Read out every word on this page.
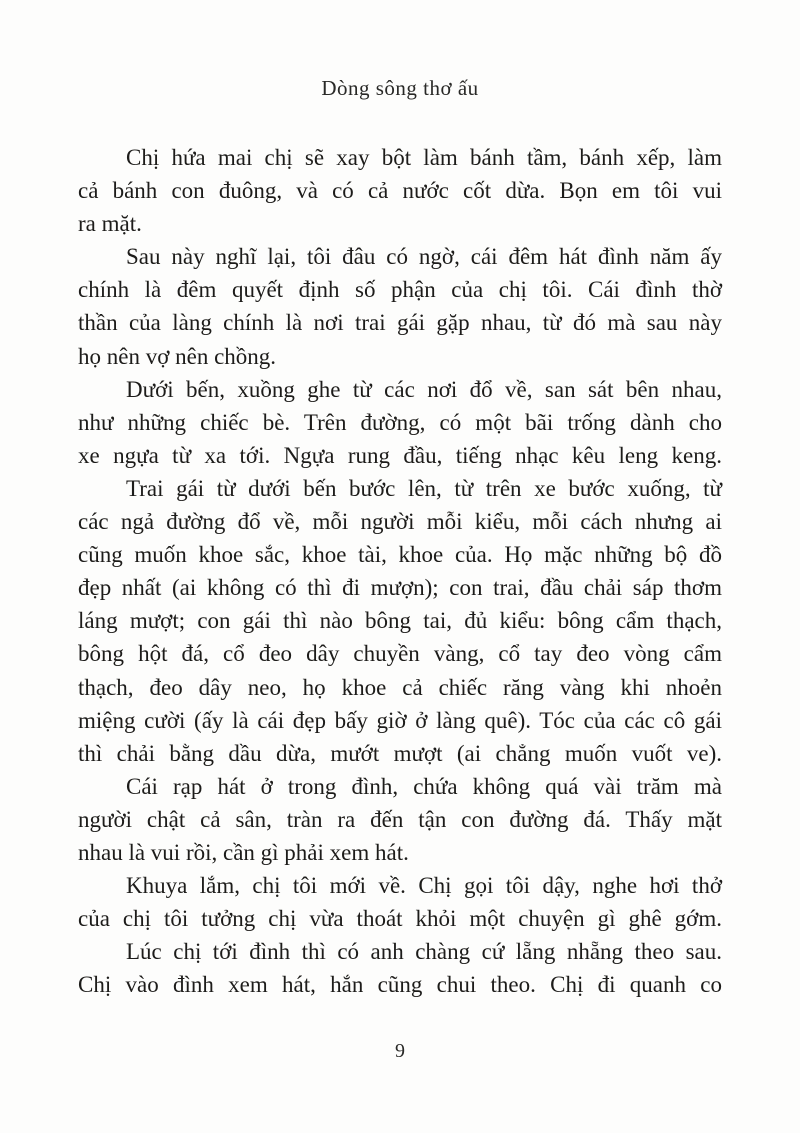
Dòng sông thơ ấu
Chị hứa mai chị sẽ xay bột làm bánh tầm, bánh xếp, làm
cả bánh con đuông, và có cả nước cốt dừa. Bọn em tôi vui
ra mặt.
Sau này nghĩ lại, tôi đâu có ngờ, cái đêm hát đình năm ấy
chính là đêm quyết định số phận của chị tôi. Cái đình thờ
thần của làng chính là nơi trai gái gặp nhau, từ đó mà sau này
họ nên vợ nên chồng.
Dưới bến, xuồng ghe từ các nơi đổ về, san sát bên nhau,
như những chiếc bè. Trên đường, có một bãi trống dành cho
xe ngựa từ xa tới. Ngựa rung đầu, tiếng nhạc kêu leng keng.
Trai gái từ dưới bến bước lên, từ trên xe bước xuống, từ
các ngả đường đổ về, mỗi người mỗi kiểu, mỗi cách nhưng ai
cũng muốn khoe sắc, khoe tài, khoe của. Họ mặc những bộ đồ
đẹp nhất (ai không có thì đi mượn); con trai, đầu chải sáp thơm
láng mượt; con gái thì nào bông tai, đủ kiểu: bông cẩm thạch,
bông hột đá, cổ đeo dây chuyền vàng, cổ tay đeo vòng cẩm
thạch, đeo dây neo, họ khoe cả chiếc răng vàng khi nhoẻn
miệng cười (ấy là cái đẹp bấy giờ ở làng quê). Tóc của các cô gái
thì chải bằng dầu dừa, mướt mượt (ai chẳng muốn vuốt ve).
Cái rạp hát ở trong đình, chứa không quá vài trăm mà
người chật cả sân, tràn ra đến tận con đường đá. Thấy mặt
nhau là vui rồi, cần gì phải xem hát.
Khuya lắm, chị tôi mới về. Chị gọi tôi dậy, nghe hơi thở
của chị tôi tưởng chị vừa thoát khỏi một chuyện gì ghê gớm.
Lúc chị tới đình thì có anh chàng cứ lẵng nhẵng theo sau.
Chị vào đình xem hát, hắn cũng chui theo. Chị đi quanh co
9
